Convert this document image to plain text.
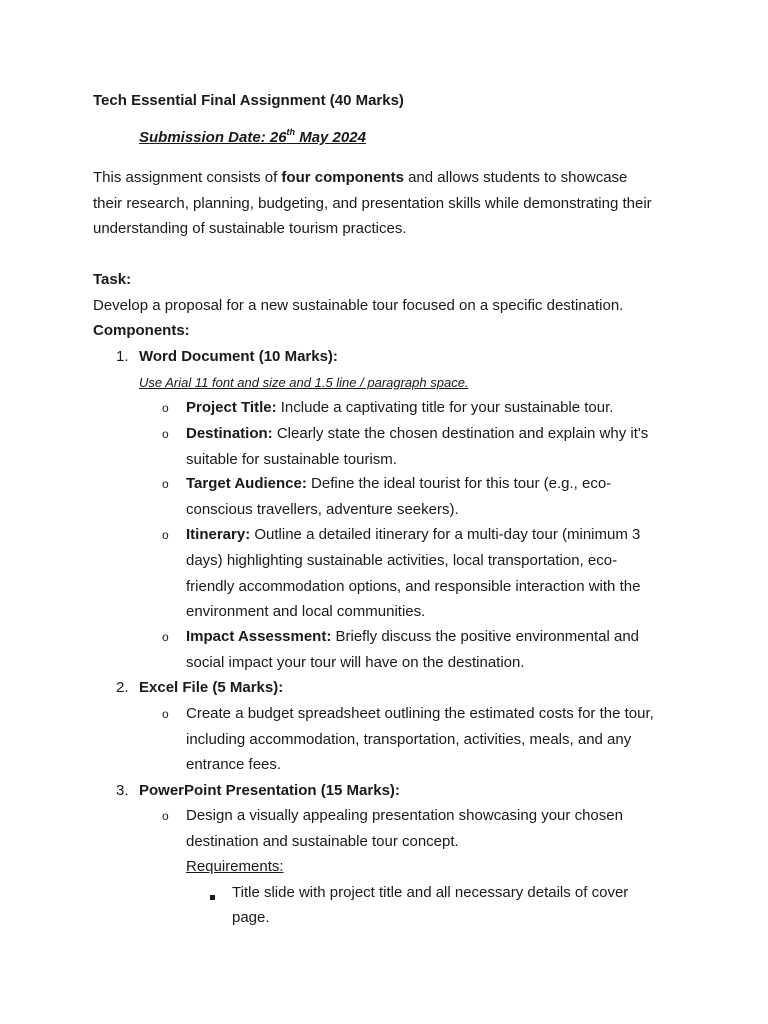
Tech Essential Final Assignment (40 Marks)
Submission Date: 26th May 2024
This assignment consists of four components and allows students to showcase
their research, planning, budgeting, and presentation skills while demonstrating their
understanding of sustainable tourism practices.
Task:
Develop a proposal for a new sustainable tour focused on a specific destination.
Components:
1. Word Document (10 Marks):
Use Arial 11 font and size and 1.5 line / paragraph space.
o Project Title: Include a captivating title for your sustainable tour.
o Destination: Clearly state the chosen destination and explain why it's
suitable for sustainable tourism.
o Target Audience: Define the ideal tourist for this tour (e.g., eco-
conscious travellers, adventure seekers).
o Itinerary: Outline a detailed itinerary for a multi-day tour (minimum 3
days) highlighting sustainable activities, local transportation, eco-
friendly accommodation options, and responsible interaction with the
environment and local communities.
o Impact Assessment: Briefly discuss the positive environmental and
social impact your tour will have on the destination.
2. Excel File (5 Marks):
o Create a budget spreadsheet outlining the estimated costs for the tour,
including accommodation, transportation, activities, meals, and any
entrance fees.
3. PowerPoint Presentation (15 Marks):
o Design a visually appealing presentation showcasing your chosen
destination and sustainable tour concept.
Requirements:
Title slide with project title and all necessary details of cover
page.
